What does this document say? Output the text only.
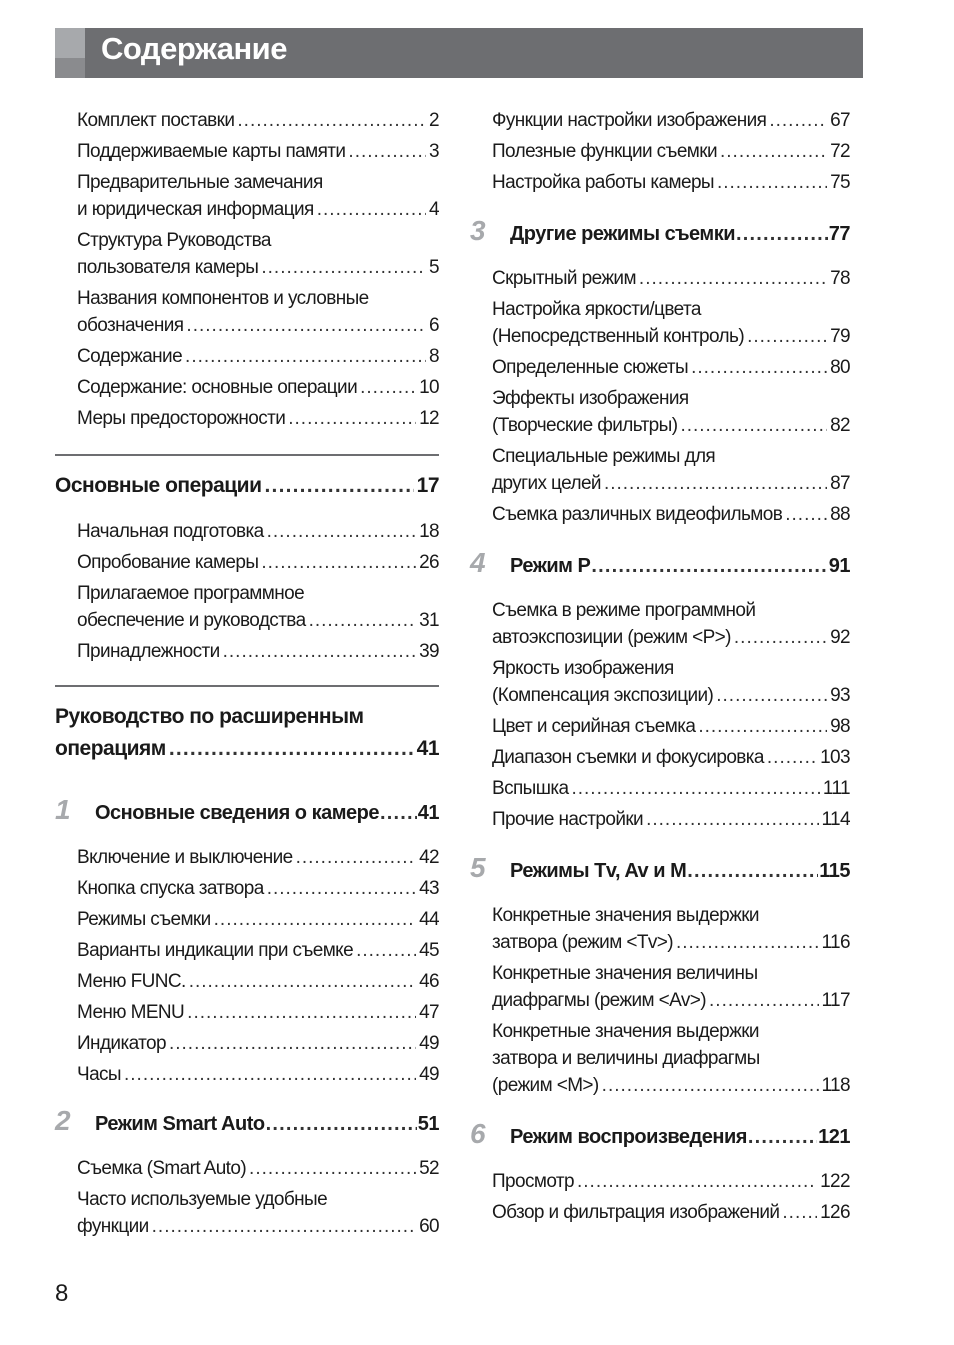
Содержание
Комплект поставки .....	2
Поддерживаемые карты памяти .....	3
Предварительные замечания
и юридическая информация .....	4
Структура Руководства
пользователя камеры .....	5
Названия компонентов и условные
обозначения .....	6
Содержание .....	8
Содержание: основные операции .....	10
Меры предосторожности .....	12
Основные операции .....	17
Начальная подготовка .....	18
Опробование камеры .....	26
Прилагаемое программное
обеспечение и руководства .....	31
Принадлежности .....	39
Руководство по расширенным
операциям .....	41
1	Основные сведения о камере ..... 41
Включение и выключение .....	42
Кнопка спуска затвора .....	43
Режимы съемки .....	44
Варианты индикации при съемке .....	45
Меню FUNC. .....	46
Меню MENU .....	47
Индикатор .....	49
Часы .....	49
2	Режим Smart Auto .....	51
Съемка (Smart Auto) .....	52
Часто используемые удобные
функции .....	60
Функции настройки изображения .....	67
Полезные функции съемки .....	72
Настройка работы камеры .....	75
3	Другие режимы съемки .....	77
Скрытный режим .....	78
Настройка яркости/цвета
(Непосредственный контроль) .....	79
Определенные сюжеты .....	80
Эффекты изображения
(Творческие фильтры) .....	82
Специальные режимы для
других целей .....	87
Съемка различных видеофильмов .....	88
4	Режим P .....	91
Съемка в режиме программной
автоэкспозиции (режим <P>) .....	92
Яркость изображения
(Компенсация экспозиции) .....	93
Цвет и серийная съемка .....	98
Диапазон съемки и фокусировка .....	103
Вспышка .....	111
Прочие настройки .....	114
5	Режимы Tv, Av и M .....	115
Конкретные значения выдержки
затвора (режим <Tv>) .....	116
Конкретные значения величины
диафрагмы (режим <Av>) .....	117
Конкретные значения выдержки
затвора и величины диафрагмы
(режим <M>) .....	118
6	Режим воспроизведения .....	121
Просмотр .....	122
Обзор и фильтрация изображений ..... 126
8
